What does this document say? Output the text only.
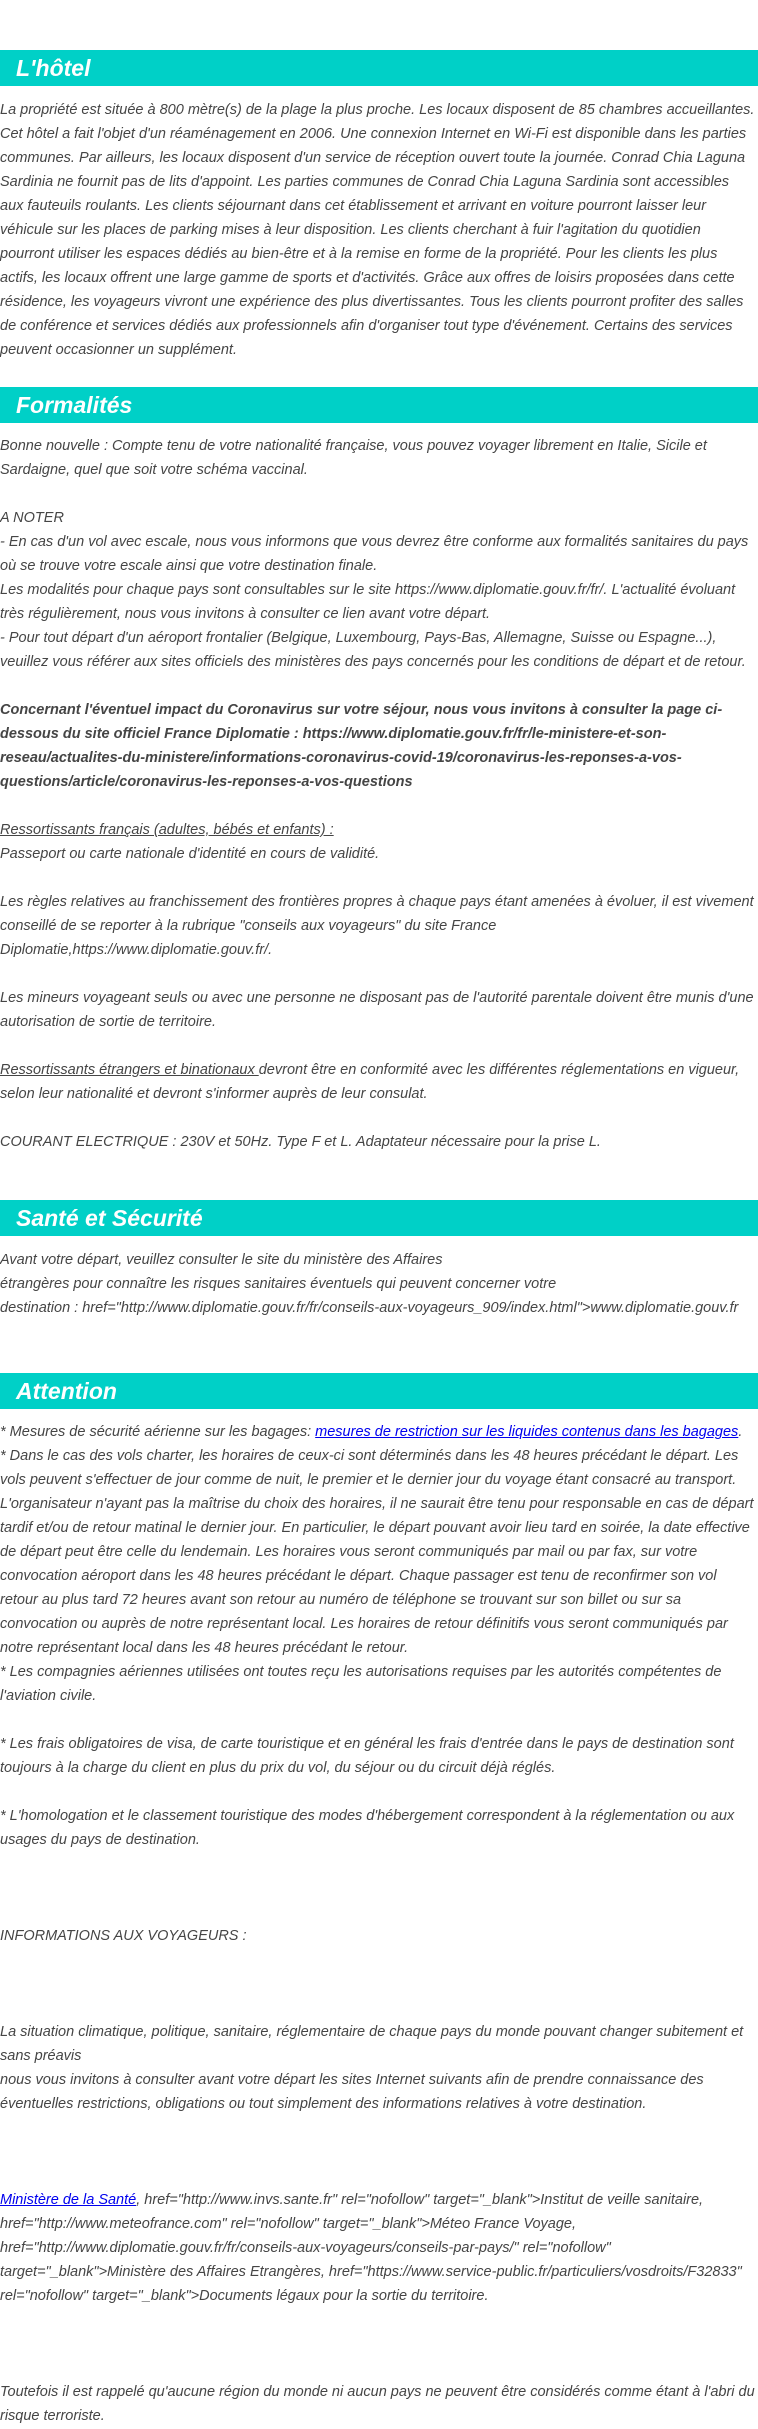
L'hôtel

La propriété est située à 800 mètre(s) de la plage la plus proche. Les locaux disposent de 85 chambres accueillantes. Cet hôtel a fait l'objet d'un réaménagement en 2006. Une connexion Internet en Wi-Fi est disponible dans les parties communes. Par ailleurs, les locaux disposent d'un service de réception ouvert toute la journée. Conrad Chia Laguna Sardinia ne fournit pas de lits d'appoint. Les parties communes de Conrad Chia Laguna Sardinia sont accessibles aux fauteuils roulants. Les clients séjournant dans cet établissement et arrivant en voiture pourront laisser leur véhicule sur les places de parking mises à leur disposition. Les clients cherchant à fuir l'agitation du quotidien pourront utiliser les espaces dédiés au bien-être et à la remise en forme de la propriété. Pour les clients les plus actifs, les locaux offrent une large gamme de sports et d'activités. Grâce aux offres de loisirs proposées dans cette résidence, les voyageurs vivront une expérience des plus divertissantes. Tous les clients pourront profiter des salles de conférence et services dédiés aux professionnels afin d'organiser tout type d'événement. Certains des services peuvent occasionner un supplément.

Formalités

Bonne nouvelle : Compte tenu de votre nationalité française, vous pouvez voyager librement en Italie, Sicile et Sardaigne, quel que soit votre schéma vaccinal.

A NOTER

- En cas d'un vol avec escale, nous vous informons que vous devrez être conforme aux formalités sanitaires du pays où se trouve votre escale ainsi que votre destination finale.

Les modalités pour chaque pays sont consultables sur le site https://www.diplomatie.gouv.fr/fr/. L'actualité évoluant très régulièrement, nous vous invitons à consulter ce lien avant votre départ.

- Pour tout départ d'un aéroport frontalier (Belgique, Luxembourg, Pays-Bas, Allemagne, Suisse ou Espagne...), veuillez vous référer aux sites officiels des ministères des pays concernés pour les conditions de départ et de retour.

Concernant l'éventuel impact du Coronavirus sur votre séjour, nous vous invitons à consulter la page ci-dessous du site officiel France Diplomatie : https://www.diplomatie.gouv.fr/fr/le-ministere-et-son-reseau/actualites-du-ministere/informations-coronavirus-covid-19/coronavirus-les-reponses-a-vos-questions/article/coronavirus-les-reponses-a-vos-questions

Ressortissants français (adultes, bébés et enfants) :

Passeport ou carte nationale d'identité en cours de validité.

Les règles relatives au franchissement des frontières propres à chaque pays étant amenées à évoluer, il est vivement conseillé de se reporter à la rubrique "conseils aux voyageurs" du site France Diplomatie,https://www.diplomatie.gouv.fr/.

Les mineurs voyageant seuls ou avec une personne ne disposant pas de l'autorité parentale doivent être munis d'une autorisation de sortie de territoire.

Ressortissants étrangers et binationaux devront être en conformité avec les différentes réglementations en vigueur, selon leur nationalité et devront s'informer auprès de leur consulat.

COURANT ELECTRIQUE : 230V et 50Hz. Type F et L. Adaptateur nécessaire pour la prise L.

Santé et Sécurité

Avant votre départ, veuillez consulter le site du ministère des Affaires

étrangères pour connaître les risques sanitaires éventuels qui peuvent concerner votre

destination : href="http://www.diplomatie.gouv.fr/fr/conseils-aux-voyageurs_909/index.html">www.diplomatie.gouv.fr

Attention

* Mesures de sécurité aérienne sur les bagages: mesures de restriction sur les liquides contenus dans les bagages.

* Dans le cas des vols charter, les horaires de ceux-ci sont déterminés dans les 48 heures précédant le départ. Les vols peuvent s'effectuer de jour comme de nuit, le premier et le dernier jour du voyage étant consacré au transport. L'organisateur n'ayant pas la maîtrise du choix des horaires, il ne saurait être tenu pour responsable en cas de départ tardif et/ou de retour matinal le dernier jour. En particulier, le départ pouvant avoir lieu tard en soirée, la date effective de départ peut être celle du lendemain. Les horaires vous seront communiqués par mail ou par fax, sur votre convocation aéroport dans les 48 heures précédant le départ. Chaque passager est tenu de reconfirmer son vol retour au plus tard 72 heures avant son retour au numéro de téléphone se trouvant sur son billet ou sur sa convocation ou auprès de notre représentant local. Les horaires de retour définitifs vous seront communiqués par notre représentant local dans les 48 heures précédant le retour.

* Les compagnies aériennes utilisées ont toutes reçu les autorisations requises par les autorités compétentes de l'aviation civile.

* Les frais obligatoires de visa, de carte touristique et en général les frais d'entrée dans le pays de destination sont toujours à la charge du client en plus du prix du vol, du séjour ou du circuit déjà réglés.

* L'homologation et le classement touristique des modes d'hébergement correspondent à la réglementation ou aux usages du pays de destination.

INFORMATIONS AUX VOYAGEURS :

La situation climatique, politique, sanitaire, réglementaire de chaque pays du monde pouvant changer subitement et sans préavis

nous vous invitons à consulter avant votre départ les sites Internet suivants afin de prendre connaissance des éventuelles restrictions, obligations ou tout simplement des informations relatives à votre destination.

Ministère de la Santé, href="http://www.invs.sante.fr" rel="nofollow" target="_blank">Institut de veille sanitaire, href="http://www.meteofrance.com" rel="nofollow" target="_blank">Méteo France Voyage, href="http://www.diplomatie.gouv.fr/fr/conseils-aux-voyageurs/conseils-par-pays/" rel="nofollow" target="_blank">Ministère des Affaires Etrangères, href="https://www.service-public.fr/particuliers/vosdroits/F32833" rel="nofollow" target="_blank">Documents légaux pour la sortie du territoire.

Toutefois il est rappelé qu'aucune région du monde ni aucun pays ne peuvent être considérés comme étant à l'abri du risque terroriste.
